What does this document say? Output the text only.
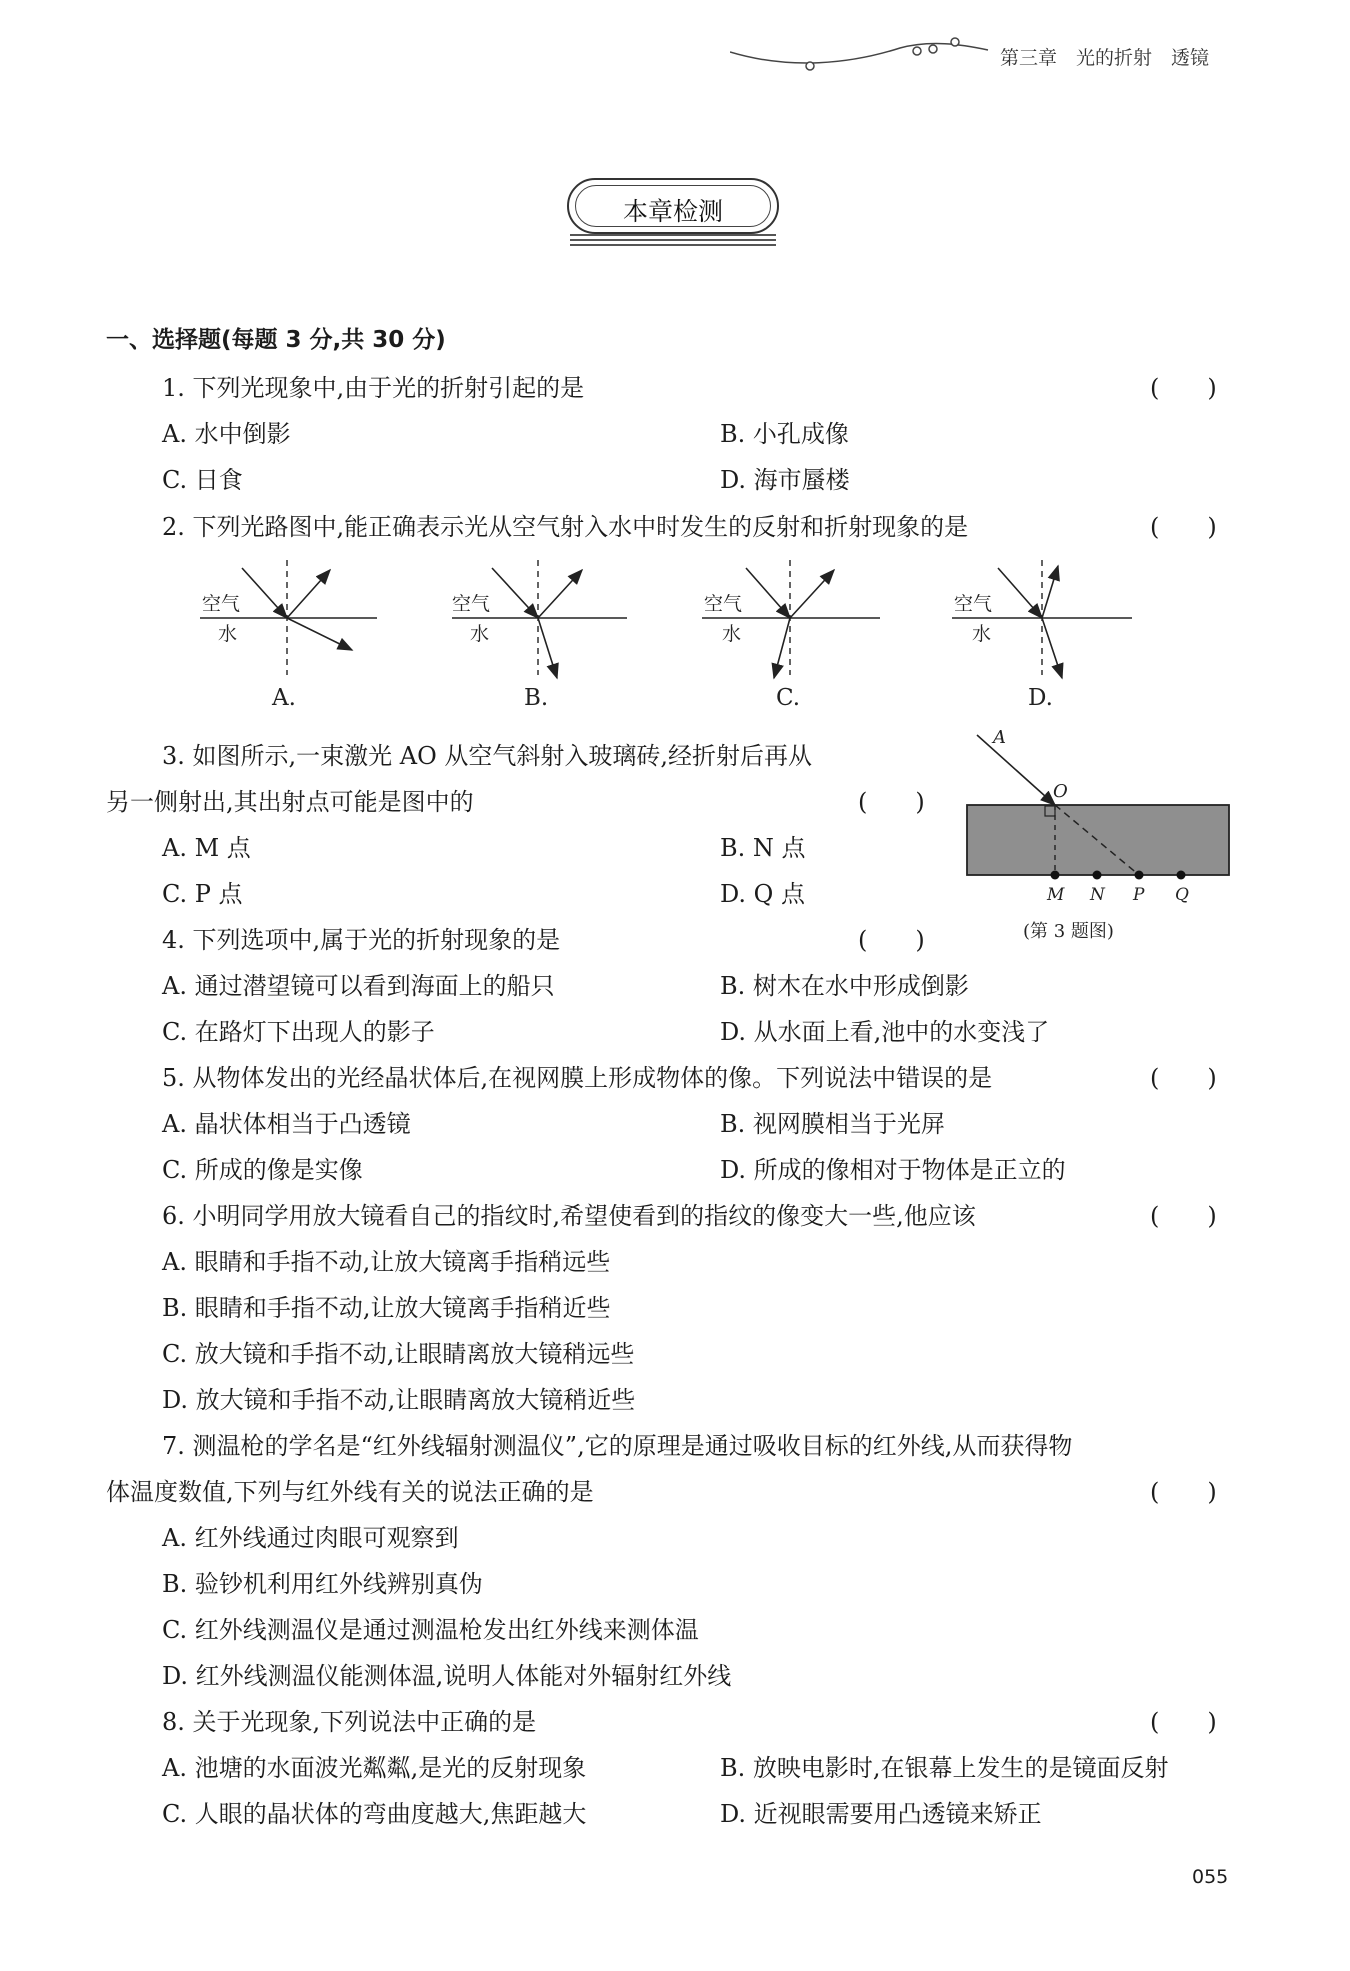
第三章　光的折射　透镜
本章检测
一、选择题(每题 3 分,共 30 分)
1. 下列光现象中,由于光的折射引起的是	(　　)
A. 水中倒影	B. 小孔成像
C. 日食	D. 海市蜃楼
2. 下列光路图中,能正确表示光从空气射入水中时发生的反射和折射现象的是	(　　)
空气
水
A.
空气
水
B.
空气
水
C.
空气
水
D.
3. 如图所示,一束激光 AO 从空气斜射入玻璃砖,经折射后再从
另一侧射出,其出射点可能是图中的	(　　)
A. M 点	B. N 点
C. P 点	D. Q 点
A
O
M N P Q
(第 3 题图)
4. 下列选项中,属于光的折射现象的是	(　　)
A. 通过潜望镜可以看到海面上的船只	B. 树木在水中形成倒影
C. 在路灯下出现人的影子	D. 从水面上看,池中的水变浅了
5. 从物体发出的光经晶状体后,在视网膜上形成物体的像。下列说法中错误的是	(　　)
A. 晶状体相当于凸透镜	B. 视网膜相当于光屏
C. 所成的像是实像	D. 所成的像相对于物体是正立的
6. 小明同学用放大镜看自己的指纹时,希望使看到的指纹的像变大一些,他应该	(　　)
A. 眼睛和手指不动,让放大镜离手指稍远些
B. 眼睛和手指不动,让放大镜离手指稍近些
C. 放大镜和手指不动,让眼睛离放大镜稍远些
D. 放大镜和手指不动,让眼睛离放大镜稍近些
7. 测温枪的学名是“红外线辐射测温仪”,它的原理是通过吸收目标的红外线,从而获得物
体温度数值,下列与红外线有关的说法正确的是	(　　)
A. 红外线通过肉眼可观察到
B. 验钞机利用红外线辨别真伪
C. 红外线测温仪是通过测温枪发出红外线来测体温
D. 红外线测温仪能测体温,说明人体能对外辐射红外线
8. 关于光现象,下列说法中正确的是	(　　)
A. 池塘的水面波光粼粼,是光的反射现象	B. 放映电影时,在银幕上发生的是镜面反射
C. 人眼的晶状体的弯曲度越大,焦距越大	D. 近视眼需要用凸透镜来矫正
055
